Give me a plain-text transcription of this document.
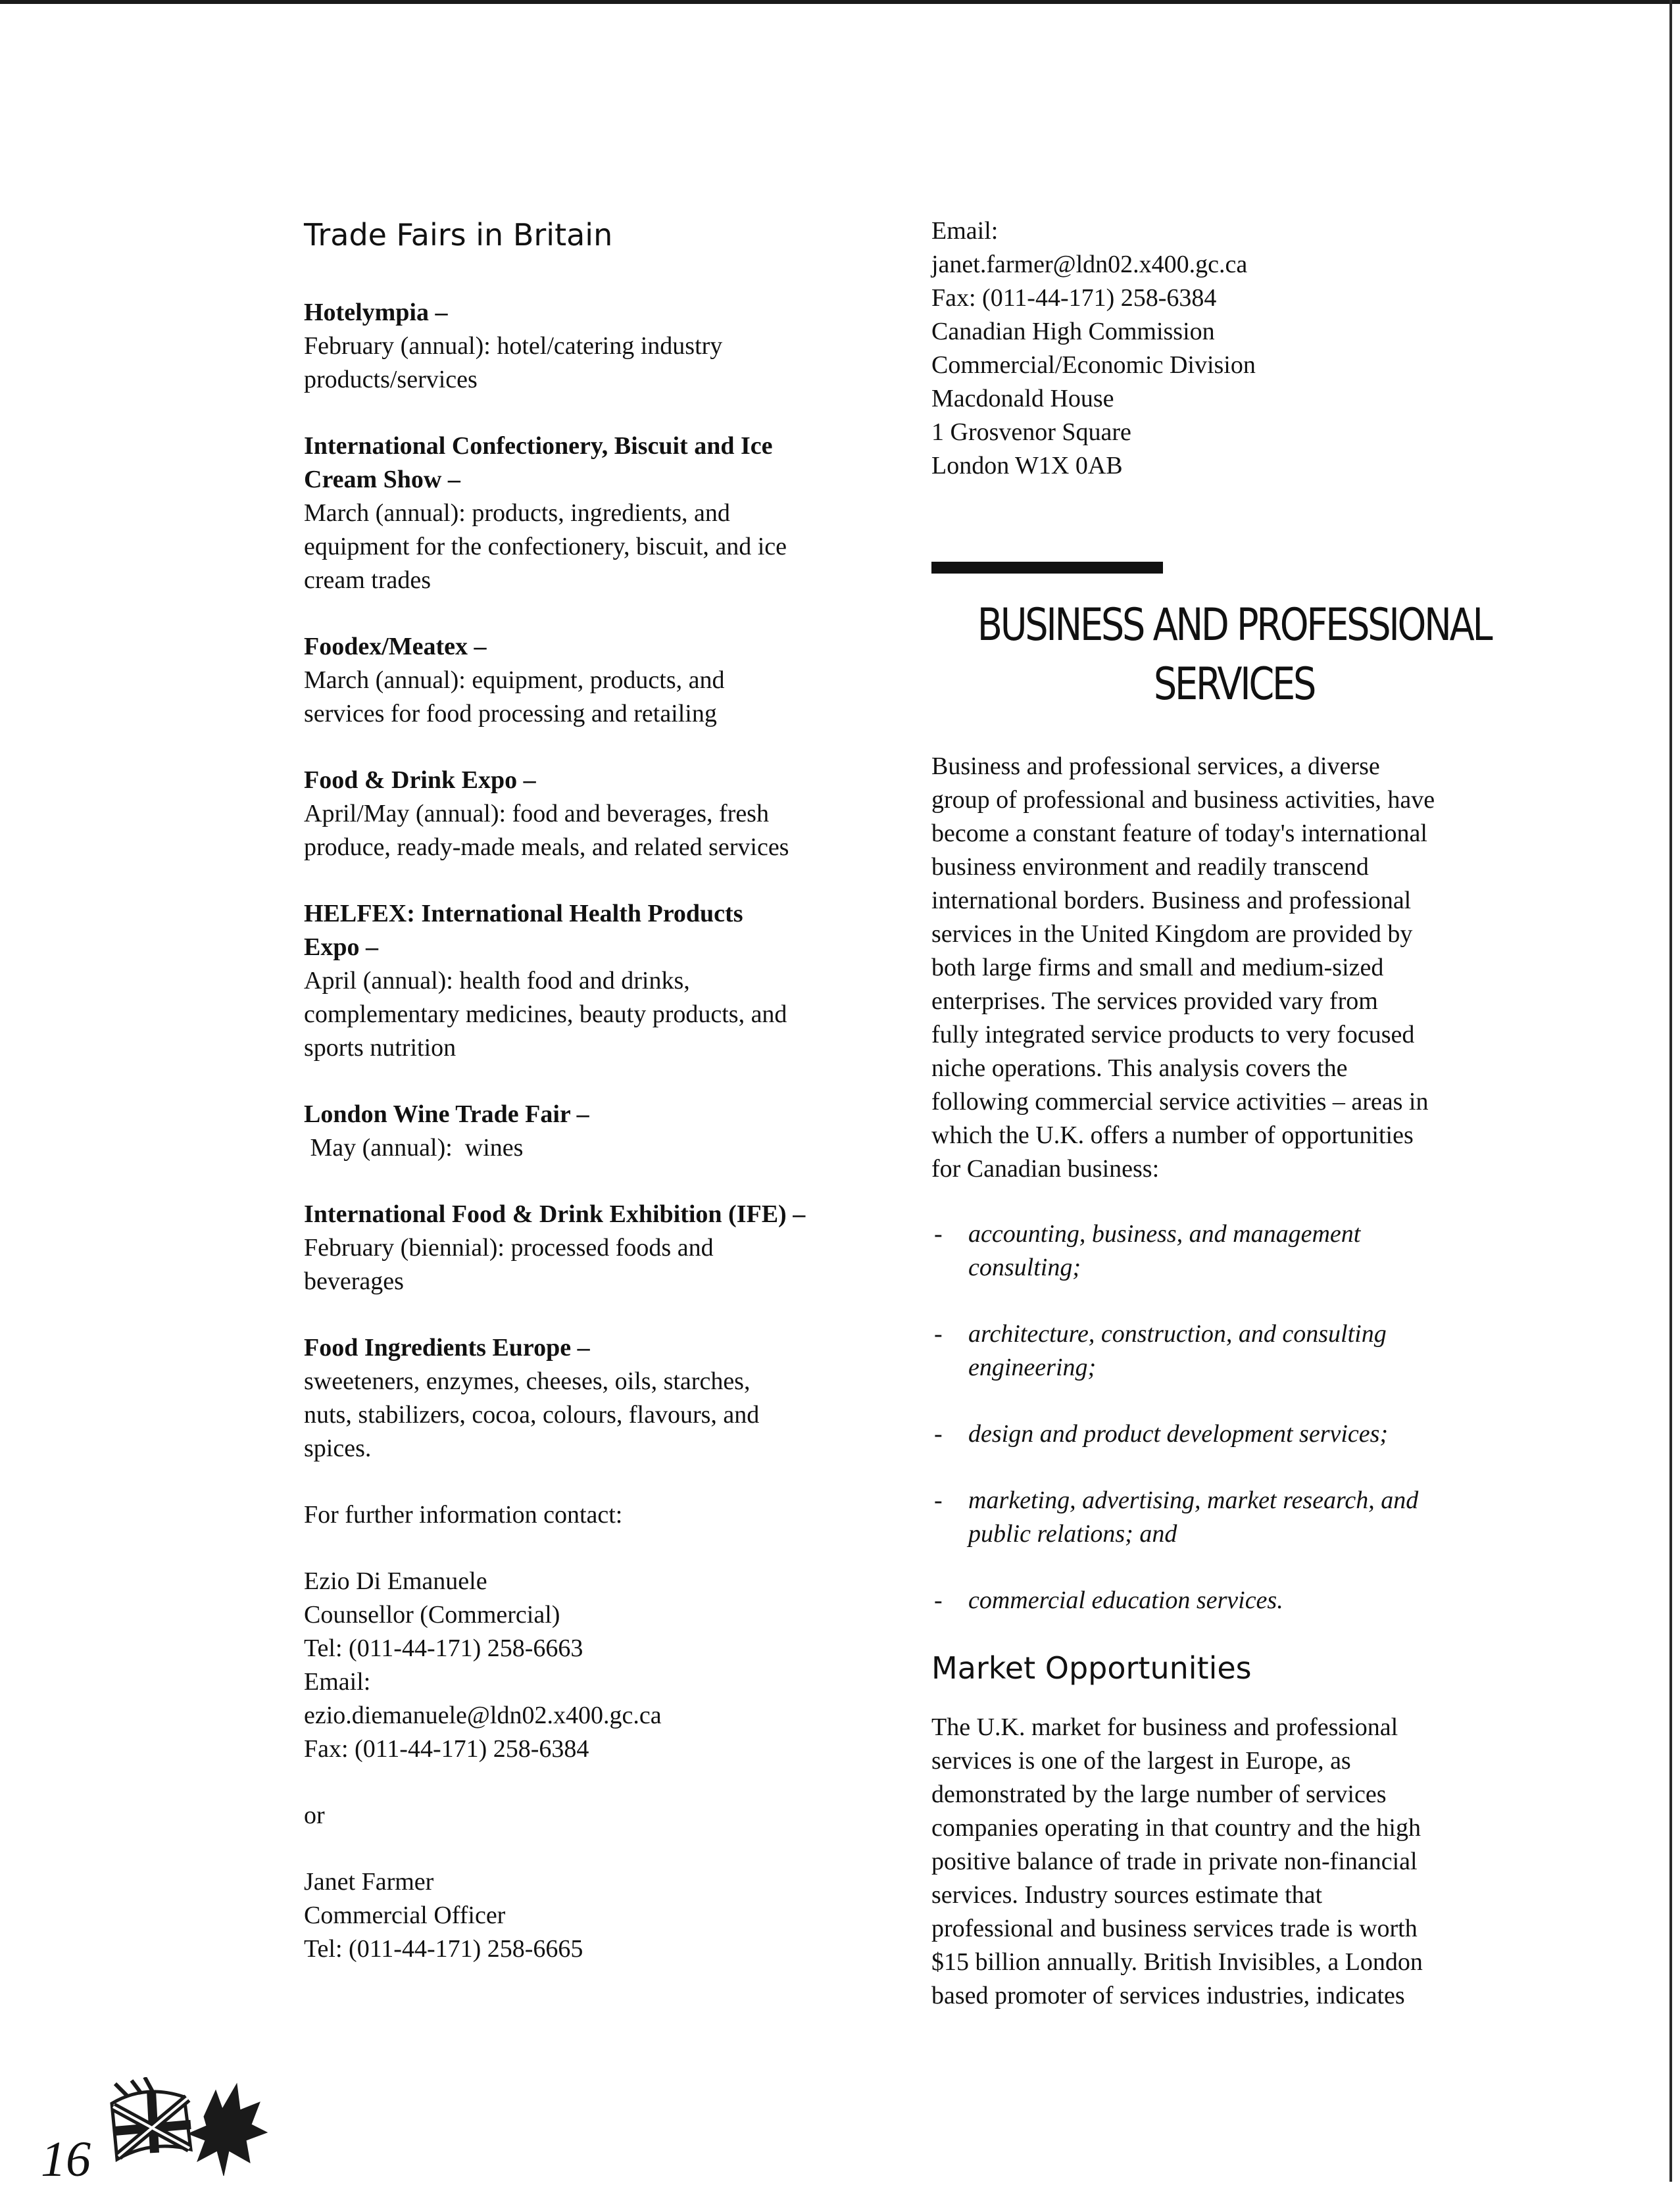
Trade Fairs in Britain
Hotelympia –
February (annual): hotel/catering industry
products/services
International Confectionery, Biscuit and Ice
Cream Show –
March (annual): products, ingredients, and
equipment for the confectionery, biscuit, and ice
cream trades
Foodex/Meatex –
March (annual): equipment, products, and
services for food processing and retailing
Food & Drink Expo –
April/May (annual): food and beverages, fresh
produce, ready-made meals, and related services
HELFEX: International Health Products
Expo –
April (annual): health food and drinks,
complementary medicines, beauty products, and
sports nutrition
London Wine Trade Fair –
May (annual):  wines
International Food & Drink Exhibition (IFE) –
February (biennial): processed foods and
beverages
Food Ingredients Europe –
sweeteners, enzymes, cheeses, oils, starches,
nuts, stabilizers, cocoa, colours, flavours, and
spices.

For further information contact:

Ezio Di Emanuele
Counsellor (Commercial)
Tel: (011-44-171) 258-6663
Email:
ezio.diemanuele@ldn02.x400.gc.ca
Fax: (011-44-171) 258-6384

or

Janet Farmer
Commercial Officer
Tel: (011-44-171) 258-6665

Email:
janet.farmer@ldn02.x400.gc.ca
Fax: (011-44-171) 258-6384
Canadian High Commission
Commercial/Economic Division
Macdonald House
1 Grosvenor Square
London W1X 0AB

BUSINESS AND PROFESSIONAL
SERVICES

Business and professional services, a diverse
group of professional and business activities, have
become a constant feature of today's international
business environment and readily transcend
international borders. Business and professional
services in the United Kingdom are provided by
both large firms and small and medium-sized
enterprises. The services provided vary from
fully integrated service products to very focused
niche operations. This analysis covers the
following commercial service activities – areas in
which the U.K. offers a number of opportunities
for Canadian business:

- accounting, business, and management
consulting;
- architecture, construction, and consulting
engineering;
- design and product development services;
- marketing, advertising, market research, and
public relations; and
- commercial education services.
Market Opportunities

The U.K. market for business and professional
services is one of the largest in Europe, as
demonstrated by the large number of services
companies operating in that country and the high
positive balance of trade in private non-financial
services. Industry sources estimate that
professional and business services trade is worth
$15 billion annually. British Invisibles, a London
based promoter of services industries, indicates

16
